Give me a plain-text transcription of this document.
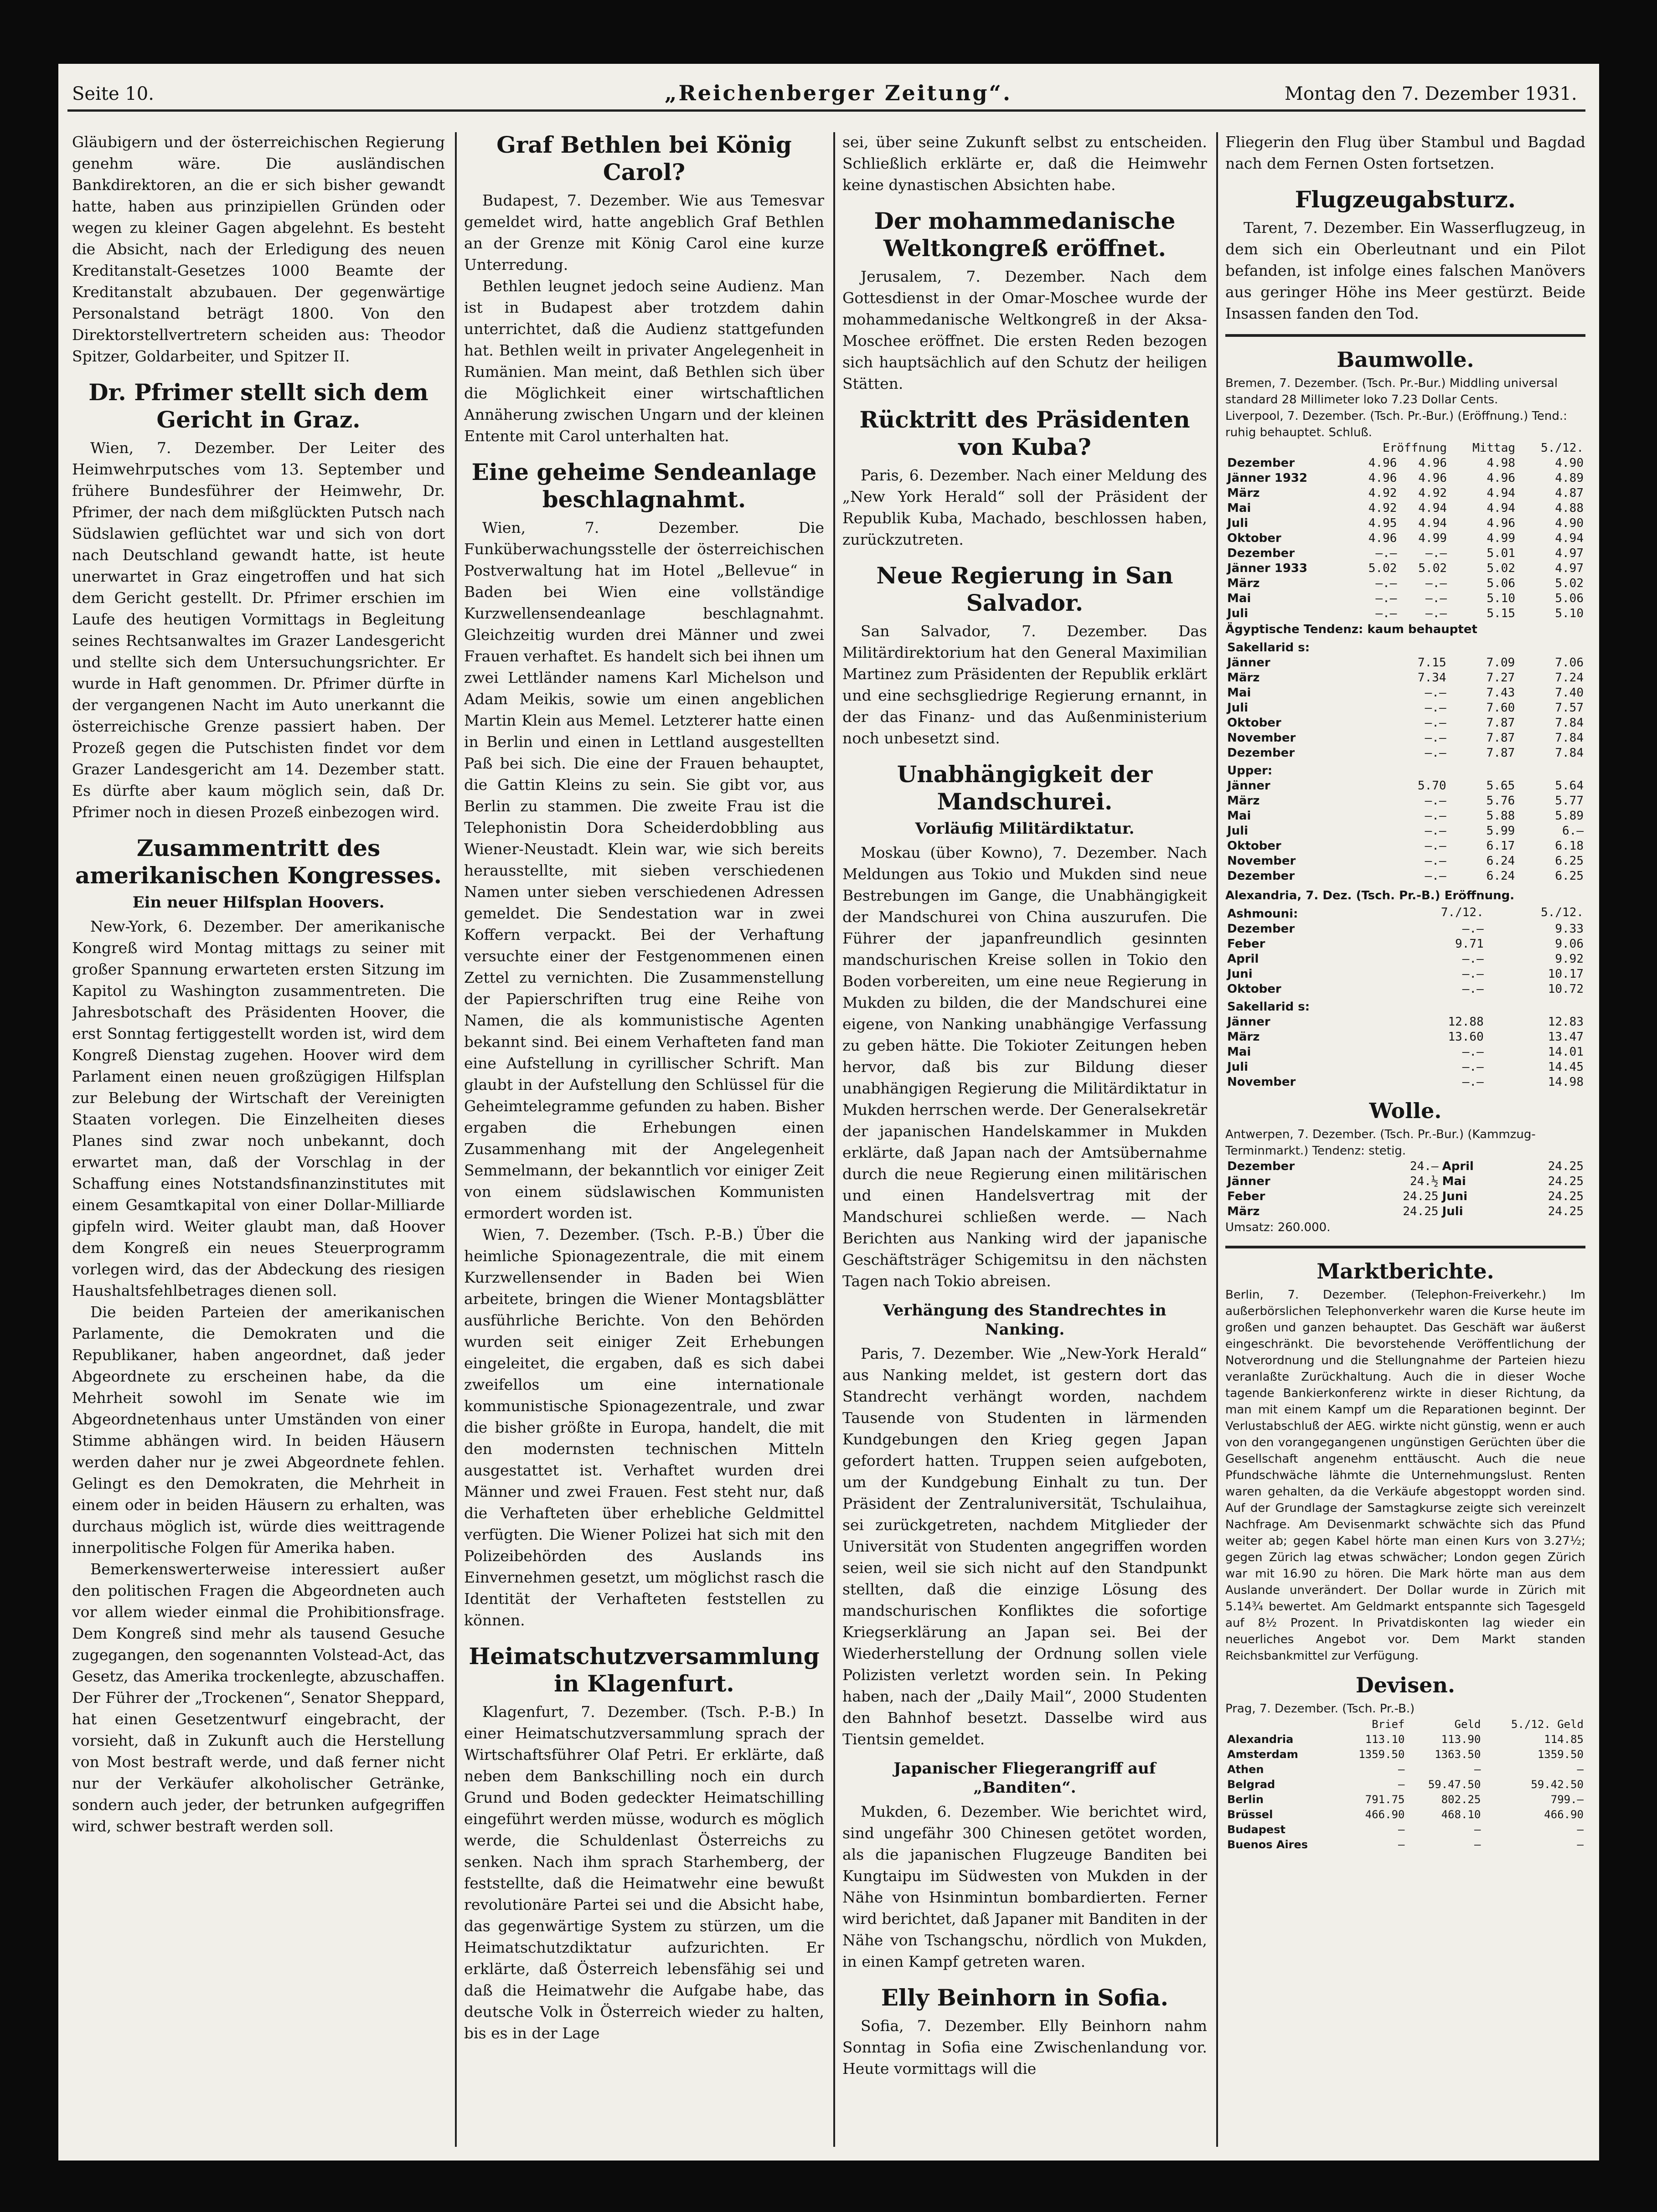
Seite 10.	„Reichenberger Zeitung“.	Montag den 7. Dezember 1931.

Gläubigern und der österreichischen Regierung genehm wäre. Die ausländischen Bankdirektoren, an die er sich bisher gewandt hatte, haben aus prinzipiellen Gründen oder wegen zu kleiner Gagen abgelehnt. Es besteht die Absicht, nach der Erledigung des neuen Kreditanstalt-Gesetzes 1000 Beamte der Kreditanstalt abzubauen. Der gegenwärtige Personalstand beträgt 1800. Von den Direktorstellvertretern scheiden aus: Theodor Spitzer, Goldarbeiter, und Spitzer II.

Dr. Pfrimer stellt sich dem Gericht in Graz.

Wien, 7. Dezember. Der Leiter des Heimwehrputsches vom 13. September und frühere Bundesführer der Heimwehr, Dr. Pfrimer, der nach dem mißglückten Putsch nach Südslawien geflüchtet war und sich von dort nach Deutschland gewandt hatte, ist heute unerwartet in Graz eingetroffen und hat sich dem Gericht gestellt. Dr. Pfrimer erschien im Laufe des heutigen Vormittags in Begleitung seines Rechtsanwaltes im Grazer Landesgericht und stellte sich dem Untersuchungsrichter. Er wurde in Haft genommen. Dr. Pfrimer dürfte in der vergangenen Nacht im Auto unerkannt die österreichische Grenze passiert haben. Der Prozeß gegen die Putschisten findet vor dem Grazer Landesgericht am 14. Dezember statt. Es dürfte aber kaum möglich sein, daß Dr. Pfrimer noch in diesen Prozeß einbezogen wird.

Zusammentritt des amerikanischen Kongresses.
Ein neuer Hilfsplan Hoovers.

New-York, 6. Dezember. Der amerikanische Kongreß wird Montag mittags zu seiner mit großer Spannung erwarteten ersten Sitzung im Kapitol zu Washington zusammentreten. Die Jahresbotschaft des Präsidenten Hoover, die erst Sonntag fertiggestellt worden ist, wird dem Kongreß Dienstag zugehen. Hoover wird dem Parlament einen neuen großzügigen Hilfsplan zur Belebung der Wirtschaft der Vereinigten Staaten vorlegen. Die Einzelheiten dieses Planes sind zwar noch unbekannt, doch erwartet man, daß der Vorschlag in der Schaffung eines Notstandsfinanzinstitutes mit einem Gesamtkapital von einer Dollar-Milliarde gipfeln wird. Weiter glaubt man, daß Hoover dem Kongreß ein neues Steuerprogramm vorlegen wird, das der Abdeckung des riesigen Haushaltsfehlbetrages dienen soll.

Die beiden Parteien der amerikanischen Parlamente, die Demokraten und die Republikaner, haben angeordnet, daß jeder Abgeordnete zu erscheinen habe, da die Mehrheit sowohl im Senate wie im Abgeordnetenhaus unter Umständen von einer Stimme abhängen wird. In beiden Häusern werden daher nur je zwei Abgeordnete fehlen. Gelingt es den Demokraten, die Mehrheit in einem oder in beiden Häusern zu erhalten, was durchaus möglich ist, würde dies weittragende innerpolitische Folgen für Amerika haben.

Bemerkenswerterweise interessiert außer den politischen Fragen die Abgeordneten auch vor allem wieder einmal die Prohibitionsfrage. Dem Kongreß sind mehr als tausend Gesuche zugegangen, den sogenannten Volstead-Act, das Gesetz, das Amerika trockenlegte, abzuschaffen. Der Führer der „Trockenen“, Senator Sheppard, hat einen Gesetzentwurf eingebracht, der vorsieht, daß in Zukunft auch die Herstellung von Most bestraft werde, und daß ferner nicht nur der Verkäufer alkoholischer Getränke, sondern auch jeder, der betrunken aufgegriffen wird, schwer bestraft werden soll.

Graf Bethlen bei König Carol?

Budapest, 7. Dezember. Wie aus Temesvar gemeldet wird, hatte angeblich Graf Bethlen an der Grenze mit König Carol eine kurze Unterredung.

Bethlen leugnet jedoch seine Audienz. Man ist in Budapest aber trotzdem dahin unterrichtet, daß die Audienz stattgefunden hat. Bethlen weilt in privater Angelegenheit in Rumänien. Man meint, daß Bethlen sich über die Möglichkeit einer wirtschaftlichen Annäherung zwischen Ungarn und der kleinen Entente mit Carol unterhalten hat.

Eine geheime Sendeanlage beschlagnahmt.

Wien, 7. Dezember. Die Funküberwachungsstelle der österreichischen Postverwaltung hat im Hotel „Bellevue“ in Baden bei Wien eine vollständige Kurzwellensendeanlage beschlagnahmt. Gleichzeitig wurden drei Männer und zwei Frauen verhaftet. Es handelt sich bei ihnen um zwei Lettländer namens Karl Michelson und Adam Meikis, sowie um einen angeblichen Martin Klein aus Memel. Letzterer hatte einen in Berlin und einen in Lettland ausgestellten Paß bei sich. Die eine der Frauen behauptet, die Gattin Kleins zu sein. Sie gibt vor, aus Berlin zu stammen. Die zweite Frau ist die Telephonistin Dora Scheiderdobbling aus Wiener-Neustadt. Klein war, wie sich bereits herausstellte, mit sieben verschiedenen Namen unter sieben verschiedenen Adressen gemeldet. Die Sendestation war in zwei Koffern verpackt. Bei der Verhaftung versuchte einer der Festgenommenen einen Zettel zu vernichten. Die Zusammenstellung der Papierschriften trug eine Reihe von Namen, die als kommunistische Agenten bekannt sind. Bei einem Verhafteten fand man eine Aufstellung in cyrillischer Schrift. Man glaubt in der Aufstellung den Schlüssel für die Geheimtelegramme gefunden zu haben. Bisher ergaben die Erhebungen einen Zusammenhang mit der Angelegenheit Semmelmann, der bekanntlich vor einiger Zeit von einem südslawischen Kommunisten ermordert worden ist.

Wien, 7. Dezember. (Tsch. P.-B.) Über die heimliche Spionagezentrale, die mit einem Kurzwellensender in Baden bei Wien arbeitete, bringen die Wiener Montagsblätter ausführliche Berichte. Von den Behörden wurden seit einiger Zeit Erhebungen eingeleitet, die ergaben, daß es sich dabei zweifellos um eine internationale kommunistische Spionagezentrale, und zwar die bisher größte in Europa, handelt, die mit den modernsten technischen Mitteln ausgestattet ist. Verhaftet wurden drei Männer und zwei Frauen. Fest steht nur, daß die Verhafteten über erhebliche Geldmittel verfügten. Die Wiener Polizei hat sich mit den Polizeibehörden des Auslands ins Einvernehmen gesetzt, um möglichst rasch die Identität der Verhafteten feststellen zu können.

Heimatschutzversammlung in Klagenfurt.

Klagenfurt, 7. Dezember. (Tsch. P.-B.) In einer Heimatschutzversammlung sprach der Wirtschaftsführer Olaf Petri. Er erklärte, daß neben dem Bankschilling noch ein durch Grund und Boden gedeckter Heimatschilling eingeführt werden müsse, wodurch es möglich werde, die Schuldenlast Österreichs zu senken. Nach ihm sprach Starhemberg, der feststellte, daß die Heimatwehr eine bewußt revolutionäre Partei sei und die Absicht habe, das gegenwärtige System zu stürzen, um die Heimatschutzdiktatur aufzurichten. Er erklärte, daß Österreich lebensfähig sei und daß die Heimatwehr die Aufgabe habe, das deutsche Volk in Österreich wieder zu halten, bis es in der Lage

sei, über seine Zukunft selbst zu entscheiden. Schließlich erklärte er, daß die Heimwehr keine dynastischen Absichten habe.

Der mohammedanische Weltkongreß eröffnet.

Jerusalem, 7. Dezember. Nach dem Gottesdienst in der Omar-Moschee wurde der mohammedanische Weltkongreß in der Aksa-Moschee eröffnet. Die ersten Reden bezogen sich hauptsächlich auf den Schutz der heiligen Stätten.

Rücktritt des Präsidenten von Kuba?

Paris, 6. Dezember. Nach einer Meldung des „New York Herald“ soll der Präsident der Republik Kuba, Machado, beschlossen haben, zurückzutreten.

Neue Regierung in San Salvador.

San Salvador, 7. Dezember. Das Militärdirektorium hat den General Maximilian Martinez zum Präsidenten der Republik erklärt und eine sechsgliedrige Regierung ernannt, in der das Finanz- und das Außenministerium noch unbesetzt sind.

Unabhängigkeit der Mandschurei.
Vorläufig Militärdiktatur.

Moskau (über Kowno), 7. Dezember. Nach Meldungen aus Tokio und Mukden sind neue Bestrebungen im Gange, die Unabhängigkeit der Mandschurei von China auszurufen. Die Führer der japanfreundlich gesinnten mandschurischen Kreise sollen in Tokio den Boden vorbereiten, um eine neue Regierung in Mukden zu bilden, die der Mandschurei eine eigene, von Nanking unabhängige Verfassung zu geben hätte. Die Tokioter Zeitungen heben hervor, daß bis zur Bildung dieser unabhängigen Regierung die Militärdiktatur in Mukden herrschen werde. Der Generalsekretär der japanischen Handelskammer in Mukden erklärte, daß Japan nach der Amtsübernahme durch die neue Regierung einen militärischen und einen Handelsvertrag mit der Mandschurei schließen werde. — Nach Berichten aus Nanking wird der japanische Geschäftsträger Schigemitsu in den nächsten Tagen nach Tokio abreisen.

Verhängung des Standrechtes in Nanking.

Paris, 7. Dezember. Wie „New-York Herald“ aus Nanking meldet, ist gestern dort das Standrecht verhängt worden, nachdem Tausende von Studenten in lärmenden Kundgebungen den Krieg gegen Japan gefordert hatten. Truppen seien aufgeboten, um der Kundgebung Einhalt zu tun. Der Präsident der Zentraluniversität, Tschulaihua, sei zurückgetreten, nachdem Mitglieder der Universität von Studenten angegriffen worden seien, weil sie sich nicht auf den Standpunkt stellten, daß die einzige Lösung des mandschurischen Konfliktes die sofortige Kriegserklärung an Japan sei. Bei der Wiederherstellung der Ordnung sollen viele Polizisten verletzt worden sein. In Peking haben, nach der „Daily Mail“, 2000 Studenten den Bahnhof besetzt. Dasselbe wird aus Tientsin gemeldet.

Japanischer Fliegerangriff auf „Banditen“.

Mukden, 6. Dezember. Wie berichtet wird, sind ungefähr 300 Chinesen getötet worden, als die japanischen Flugzeuge Banditen bei Kungtaipu im Südwesten von Mukden in der Nähe von Hsinmintun bombardierten. Ferner wird berichtet, daß Japaner mit Banditen in der Nähe von Tschangschu, nördlich von Mukden, in einen Kampf getreten waren.

Elly Beinhorn in Sofia.

Sofia, 7. Dezember. Elly Beinhorn nahm Sonntag in Sofia eine Zwischenlandung vor. Heute vormittags will die

Fliegerin den Flug über Stambul und Bagdad nach dem Fernen Osten fortsetzen.

Flugzeugabsturz.

Tarent, 7. Dezember. Ein Wasserflugzeug, in dem sich ein Oberleutnant und ein Pilot befanden, ist infolge eines falschen Manövers aus geringer Höhe ins Meer gestürzt. Beide Insassen fanden den Tod.

Baumwolle.

Bremen, 7. Dezember. (Tsch. Pr.-Bur.) Middling universal standard 28 Millimeter loko 7.23 Dollar Cents.

Liverpool, 7. Dezember. (Tsch. Pr.-Bur.) (Eröffnung.) Tend.: ruhig behauptet. Schluß.

	Eröffnung		Mittag	5./12.
Dezember	4.96	4.96	4.98	4.90
Jänner 1932	4.96	4.96	4.96	4.89
März	4.92	4.92	4.94	4.87
Mai	4.92	4.94	4.94	4.88
Juli	4.95	4.94	4.96	4.90
Oktober	4.96	4.99	4.99	4.94
Dezember	—.—	—.—	5.01	4.97
Jänner 1933	5.02	5.02	5.02	4.97
März	—.—	—.—	5.06	5.02
Mai	—.—	—.—	5.10	5.06
Juli	—.—	—.—	5.15	5.10

Ägyptische Tendenz: kaum behauptet

Sakellarid s:			
Jänner	7.15	7.09	7.06
März	7.34	7.27	7.24
Mai	—.—	7.43	7.40
Juli	—.—	7.60	7.57
Oktober	—.—	7.87	7.84
November	—.—	7.87	7.84
Dezember	—.—	7.87	7.84
Upper:			
Jänner	5.70	5.65	5.64
März	—.—	5.76	5.77
Mai	—.—	5.88	5.89
Juli	—.—	5.99	6.—
Oktober	—.—	6.17	6.18
November	—.—	6.24	6.25
Dezember	—.—	6.24	6.25

Alexandria, 7. Dez. (Tsch. Pr.-B.) Eröffnung.

Ashmouni:	7./12.	5./12.
Dezember	—.—	9.33
Feber	9.71	9.06
April	—.—	9.92
Juni	—.—	10.17
Oktober	—.—	10.72
Sakellarid s:		
Jänner	12.88	12.83
März	13.60	13.47
Mai	—.—	14.01
Juli	—.—	14.45
November	—.—	14.98
Wolle.

Antwerpen, 7. Dezember. (Tsch. Pr.-Bur.) (Kammzug-Terminmarkt.) Tendenz: stetig.

Dezember	24.—	April	24.25
Jänner	24.½	Mai	24.25
Feber	24.25	Juni	24.25
März	24.25	Juli	24.25

Umsatz: 260.000.

Marktberichte.

Berlin, 7. Dezember. (Telephon-Freiverkehr.) Im außerbörslichen Telephonverkehr waren die Kurse heute im großen und ganzen behauptet. Das Geschäft war äußerst eingeschränkt. Die bevorstehende Veröffentlichung der Notverordnung und die Stellungnahme der Parteien hiezu veranlaßte Zurückhaltung. Auch die in dieser Woche tagende Bankierkonferenz wirkte in dieser Richtung, da man mit einem Kampf um die Reparationen beginnt. Der Verlustabschluß der AEG. wirkte nicht günstig, wenn er auch von den vorangegangenen ungünstigen Gerüchten über die Gesellschaft angenehm enttäuscht. Auch die neue Pfundschwäche lähmte die Unternehmungslust. Renten waren gehalten, da die Verkäufe abgestoppt worden sind. Auf der Grundlage der Samstagkurse zeigte sich vereinzelt Nachfrage. Am Devisenmarkt schwächte sich das Pfund weiter ab; gegen Kabel hörte man einen Kurs von 3.27½; gegen Zürich lag etwas schwächer; London gegen Zürich war mit 16.90 zu hören. Die Mark hörte man aus dem Auslande unverändert. Der Dollar wurde in Zürich mit 5.14¾ bewertet. Am Geldmarkt entspannte sich Tagesgeld auf 8½ Prozent. In Privatdiskonten lag wieder ein neuerliches Angebot vor. Dem Markt standen Reichsbankmittel zur Verfügung.

Devisen.

Prag, 7. Dezember. (Tsch. Pr.-B.)

	Brief	Geld	5./12. Geld
Alexandria	113.10	113.90	114.85
Amsterdam	1359.50	1363.50	1359.50
Athen	—	—	—
Belgrad	—	59.47.50	59.42.50
Berlin	791.75	802.25	799.—
Brüssel	466.90	468.10	466.90
Budapest	—	—	—
Buenos Aires	—	—	—
